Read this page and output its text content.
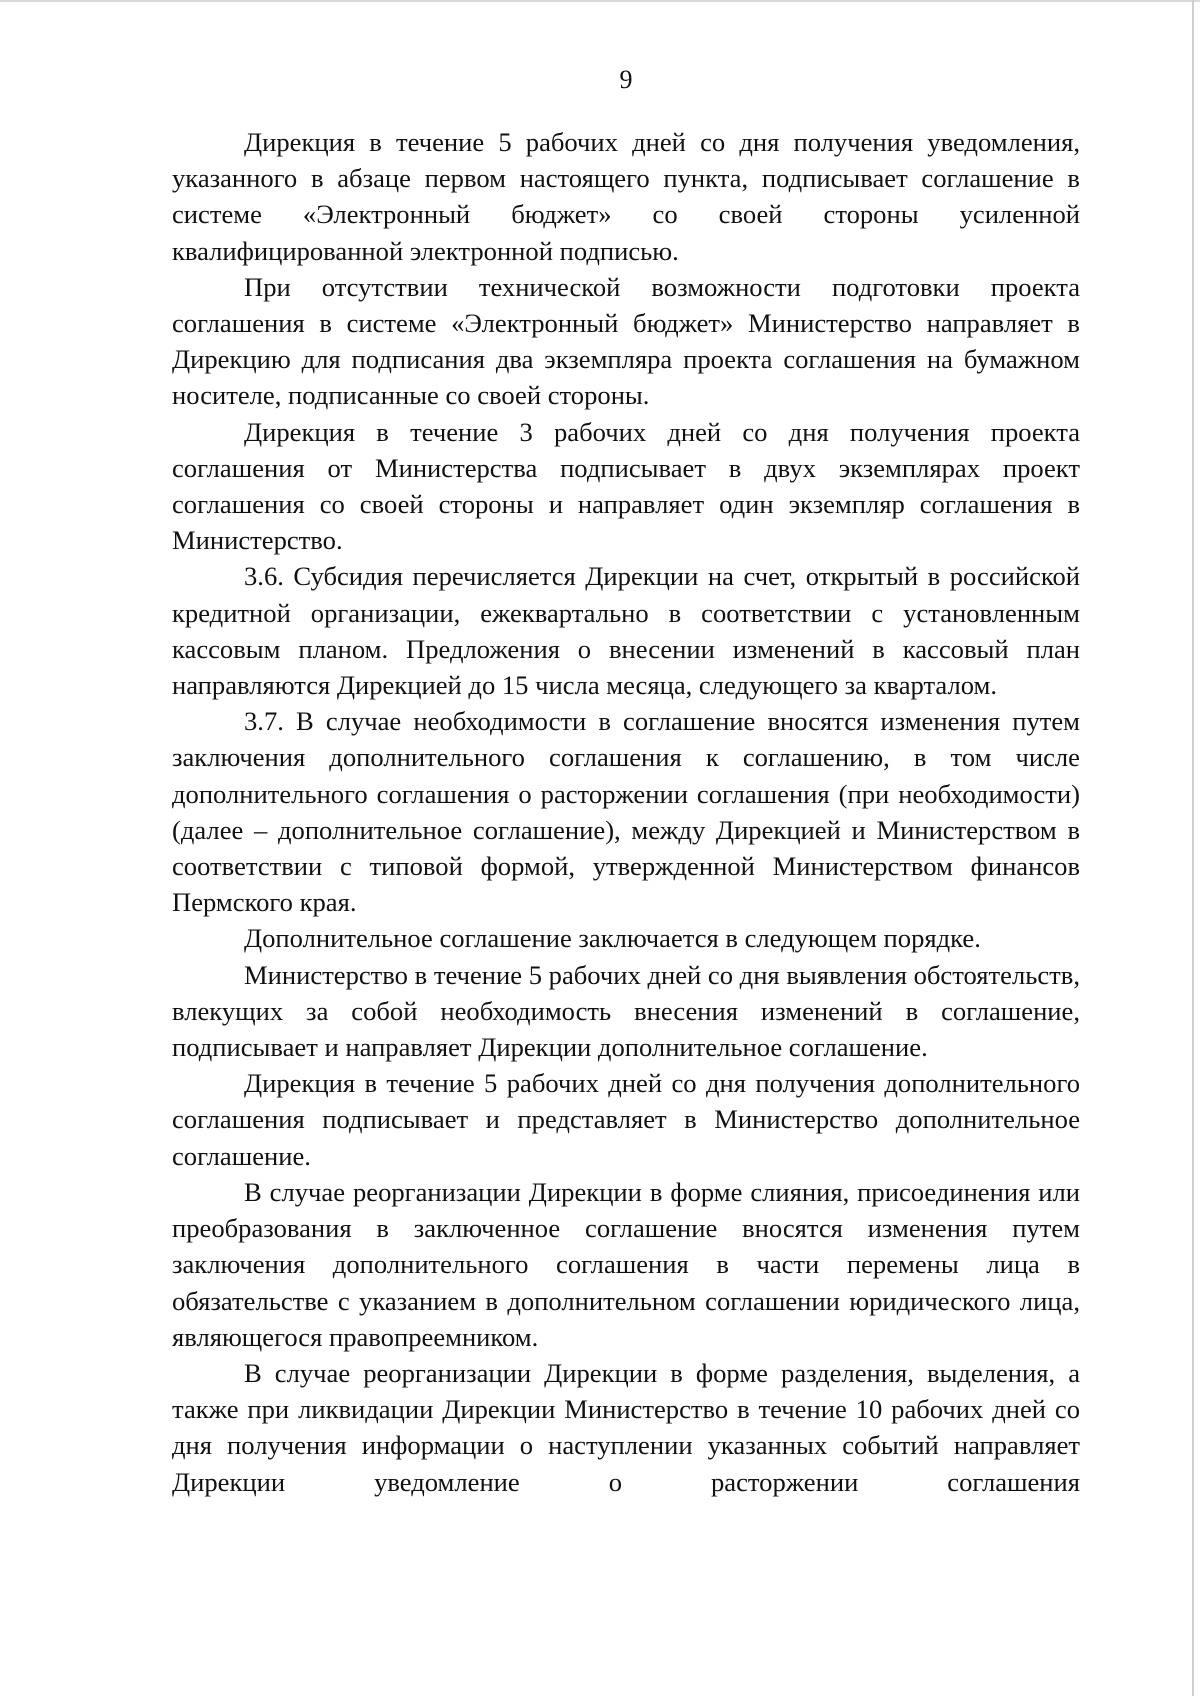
9

Дирекция в течение 5 рабочих дней со дня получения уведомления, указанного в абзаце первом настоящего пункта, подписывает соглашение в системе «Электронный бюджет» со своей стороны усиленной квалифицированной электронной подписью.

При отсутствии технической возможности подготовки проекта соглашения в системе «Электронный бюджет» Министерство направляет в Дирекцию для подписания два экземпляра проекта соглашения на бумажном носителе, подписанные со своей стороны.

Дирекция в течение 3 рабочих дней со дня получения проекта соглашения от Министерства подписывает в двух экземплярах проект соглашения со своей стороны и направляет один экземпляр соглашения в Министерство.

3.6. Субсидия перечисляется Дирекции на счет, открытый в российской кредитной организации, ежеквартально в соответствии с установленным кассовым планом. Предложения о внесении изменений в кассовый план направляются Дирекцией до 15 числа месяца, следующего за кварталом.

3.7. В случае необходимости в соглашение вносятся изменения путем заключения дополнительного соглашения к соглашению, в том числе дополнительного соглашения о расторжении соглашения (при необходимости) (далее – дополнительное соглашение), между Дирекцией и Министерством в соответствии с типовой формой, утвержденной Министерством финансов Пермского края.

Дополнительное соглашение заключается в следующем порядке.

Министерство в течение 5 рабочих дней со дня выявления обстоятельств, влекущих за собой необходимость внесения изменений в соглашение, подписывает и направляет Дирекции дополнительное соглашение.

Дирекция в течение 5 рабочих дней со дня получения дополнительного соглашения подписывает и представляет в Министерство дополнительное соглашение.

В случае реорганизации Дирекции в форме слияния, присоединения или преобразования в заключенное соглашение вносятся изменения путем заключения дополнительного соглашения в части перемены лица в обязательстве с указанием в дополнительном соглашении юридического лица, являющегося правопреемником.

В случае реорганизации Дирекции в форме разделения, выделения, а также при ликвидации Дирекции Министерство в течение 10 рабочих дней со дня получения информации о наступлении указанных событий направляет Дирекции уведомление о расторжении соглашения
